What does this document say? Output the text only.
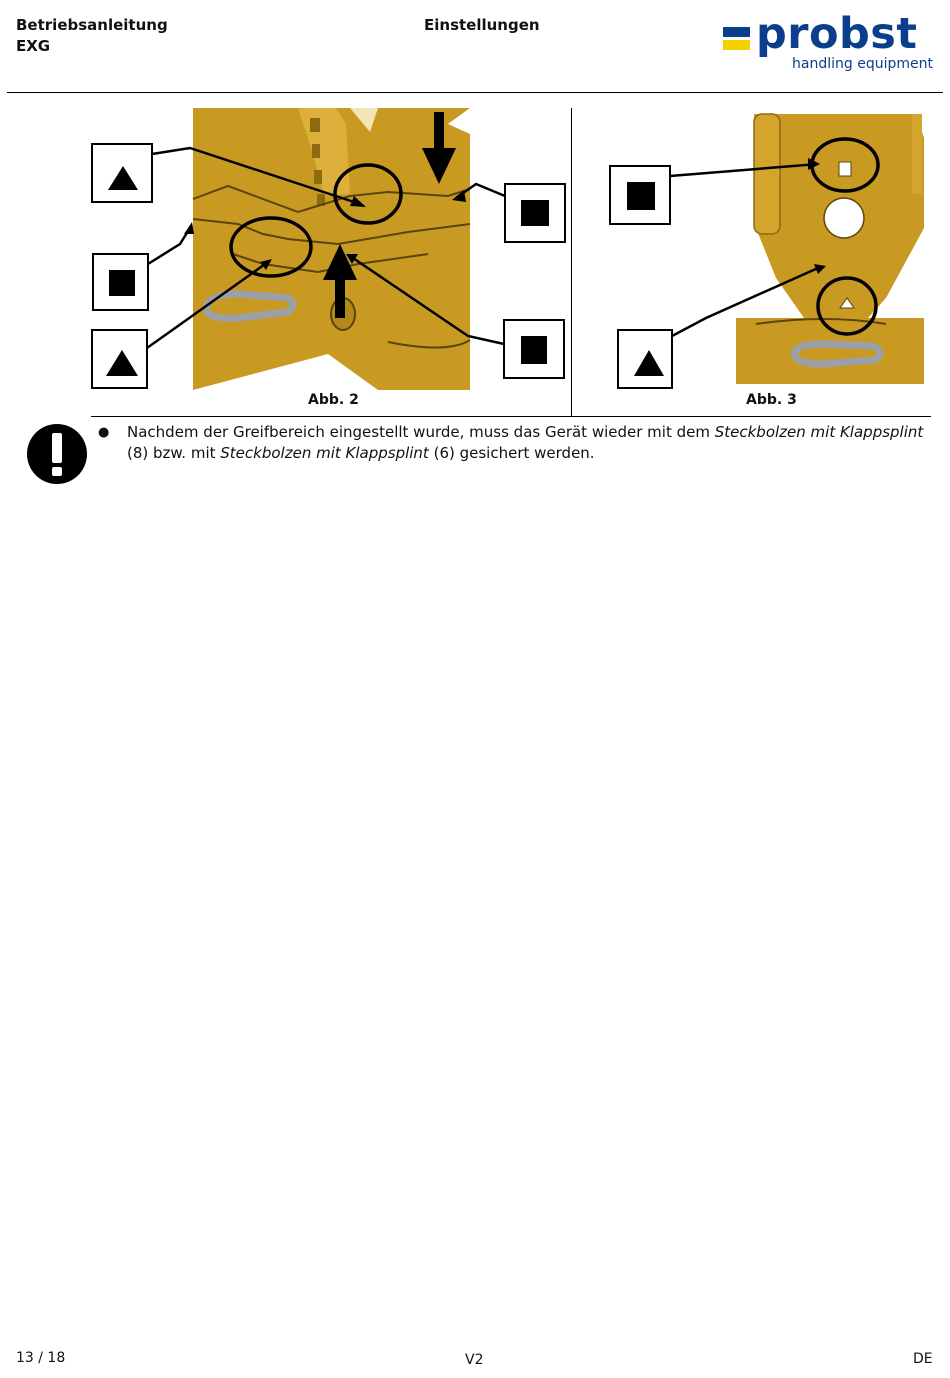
Betriebsanleitung
EXG
Einstellungen	probst
handling equipment
Abb. 2	Abb. 3
● Nachdem der Greifbereich eingestellt wurde, muss das Gerät wieder mit dem Steckbolzen mit Klappsplint (8) bzw. mit Steckbolzen mit Klappsplint (6) gesichert werden.
13 / 18	V2	DE
